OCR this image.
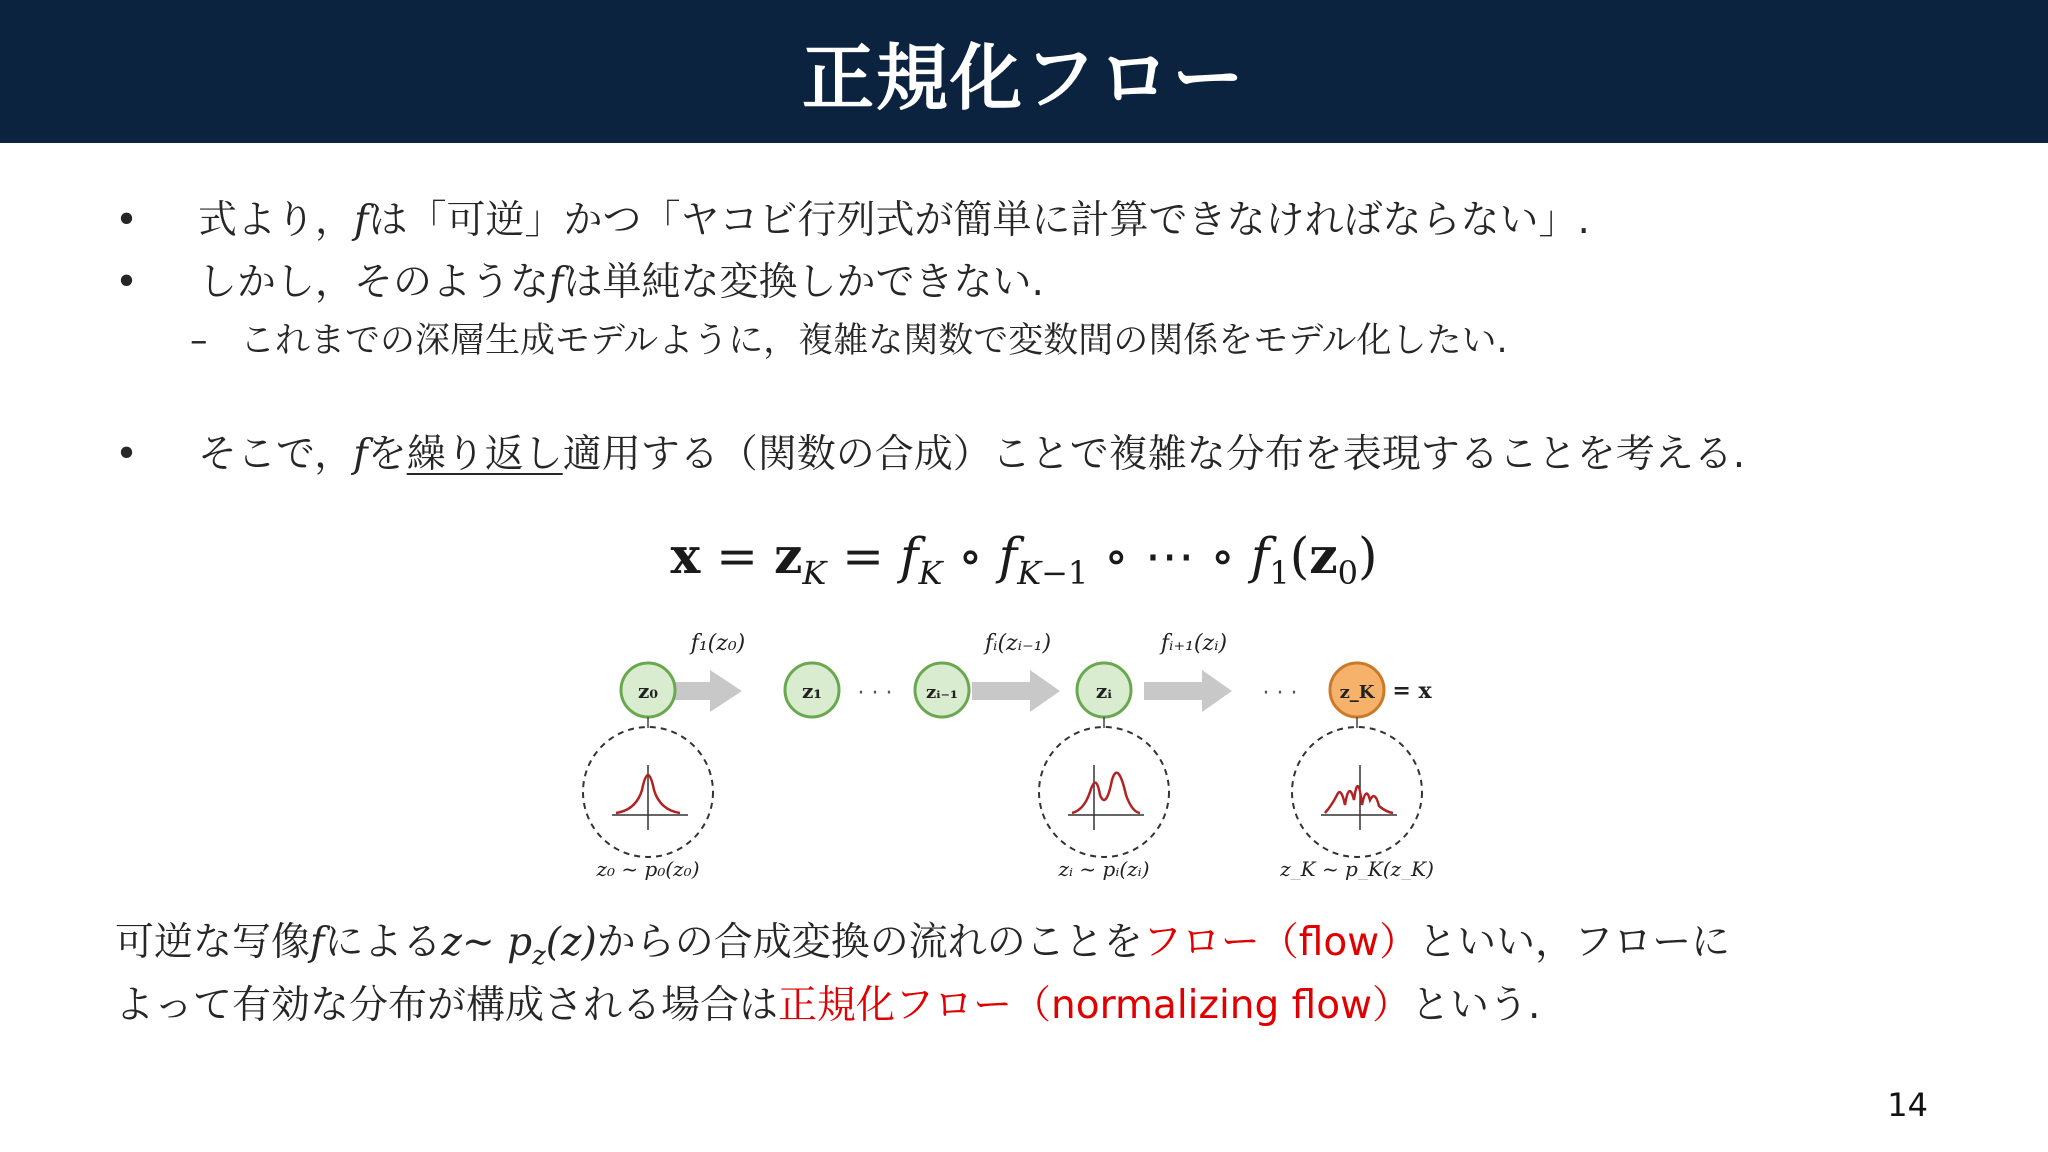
正規化フロー
• 式より，fは「可逆」かつ「ヤコビ行列式が簡単に計算できなければならない」.
• しかし，そのようなfは単純な変換しかできない.
– これまでの深層生成モデルように，複雑な関数で変数間の関係をモデル化したい.
• そこで，fを繰り返し適用する（関数の合成）ことで複雑な分布を表現することを考える.
$x = z_K = f_K$ ∘ $f_{K-1}$ ∘ ⋯ ∘ $f_1(z_0)$
f₁(z₀)	fᵢ(zᵢ₋₁)	fᵢ₊₁(zᵢ)
· · ·	· · ·
z₀	z₁	zᵢ₋₁	zᵢ	z_K = x
z₀ ~ p₀(z₀)	zᵢ ~ pᵢ(zᵢ)	z_K ~ p_K(z_K)
可逆な写像fによるz~ $p_z(z)$からの合成変換の流れのことをフロー（flow）といい，フローに
よって有効な分布が構成される場合は正規化フロー（normalizing flow）という.
14
